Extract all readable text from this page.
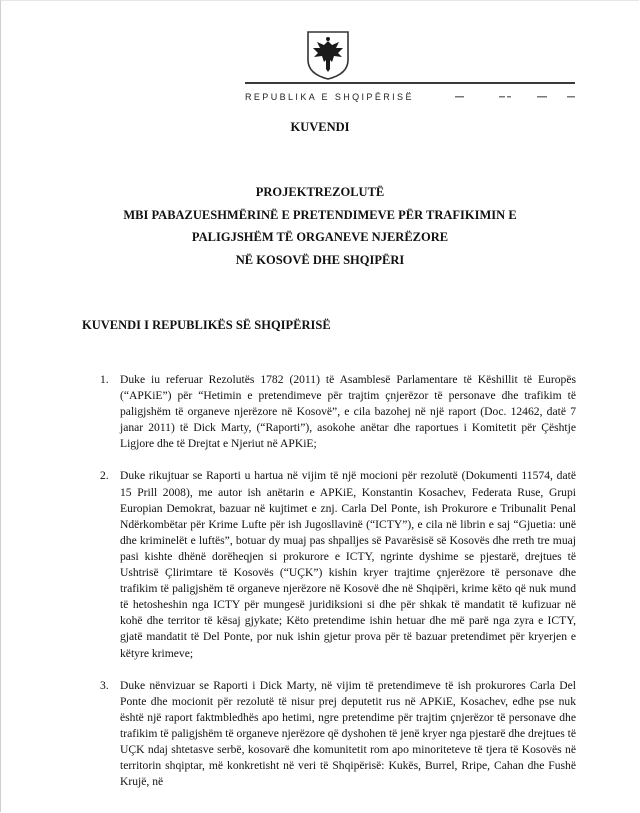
REPUBLIKA E SHQIPËRISË
KUVENDI
PROJEKTREZOLUTË
MBI PABAZUESHMËRINË E PRETENDIMEVE PËR TRAFIKIMIN E
PALIGJSHËM TË ORGANEVE NJERËZORE
NË KOSOVË DHE SHQIPËRI
KUVENDI I REPUBLIKËS SË SHQIPËRISË
1. Duke iu referuar Rezolutës 1782 (2011) të Asamblesë Parlamentare të Këshillit të Europës (“APKiE”) për “Hetimin e pretendimeve për trajtim çnjerëzor të personave dhe trafikim të paligjshëm të organeve njerëzore në Kosovë”, e cila bazohej në një raport (Doc. 12462, datë 7 janar 2011) të Dick Marty, (“Raporti”), asokohe anëtar dhe raportues i Komitetit për Çështje Ligjore dhe të Drejtat e Njeriut në APKiE;
2. Duke rikujtuar se Raporti u hartua në vijim të një mocioni për rezolutë (Dokumenti 11574, datë 15 Prill 2008), me autor ish anëtarin e APKiE, Konstantin Kosachev, Federata Ruse, Grupi Europian Demokrat, bazuar në kujtimet e znj. Carla Del Ponte, ish Prokurore e Tribunalit Penal Ndërkombëtar për Krime Lufte për ish Jugosllavinë (“ICTY”), e cila në librin e saj “Gjuetia: unë dhe kriminelët e luftës”, botuar dy muaj pas shpalljes së Pavarësisë së Kosovës dhe rreth tre muaj pasi kishte dhënë dorëheqjen si prokurore e ICTY, ngrinte dyshime se pjestarë, drejtues të Ushtrisë Çlirimtare të Kosovës (“UÇK”) kishin kryer trajtime çnjerëzore të personave dhe trafikim të paligjshëm të organeve njerëzore në Kosovë dhe në Shqipëri, krime këto që nuk mund të hetosheshin nga ICTY për mungesë juridiksioni si dhe për shkak të mandatit të kufizuar në kohë dhe territor të kësaj gjykate; Këto pretendime ishin hetuar dhe më parë nga zyra e ICTY, gjatë mandatit të Del Ponte, por nuk ishin gjetur prova për të bazuar pretendimet për kryerjen e këtyre krimeve;
3. Duke nënvizuar se Raporti i Dick Marty, në vijim të pretendimeve të ish prokurores Carla Del Ponte dhe mocionit për rezolutë të nisur prej deputetit rus në APKiE, Kosachev, edhe pse nuk është një raport faktmbledhës apo hetimi, ngre pretendime për trajtim çnjerëzor të personave dhe trafikim të paligjshëm të organeve njerëzore që dyshohen të jenë kryer nga pjestarë dhe drejtues të UÇK ndaj shtetasve serbë, kosovarë dhe komunitetit rom apo minoriteteve të tjera të Kosovës në territorin shqiptar, më konkretisht në veri të Shqipërisë: Kukës, Burrel, Rripe, Cahan dhe Fushë Krujë, në
